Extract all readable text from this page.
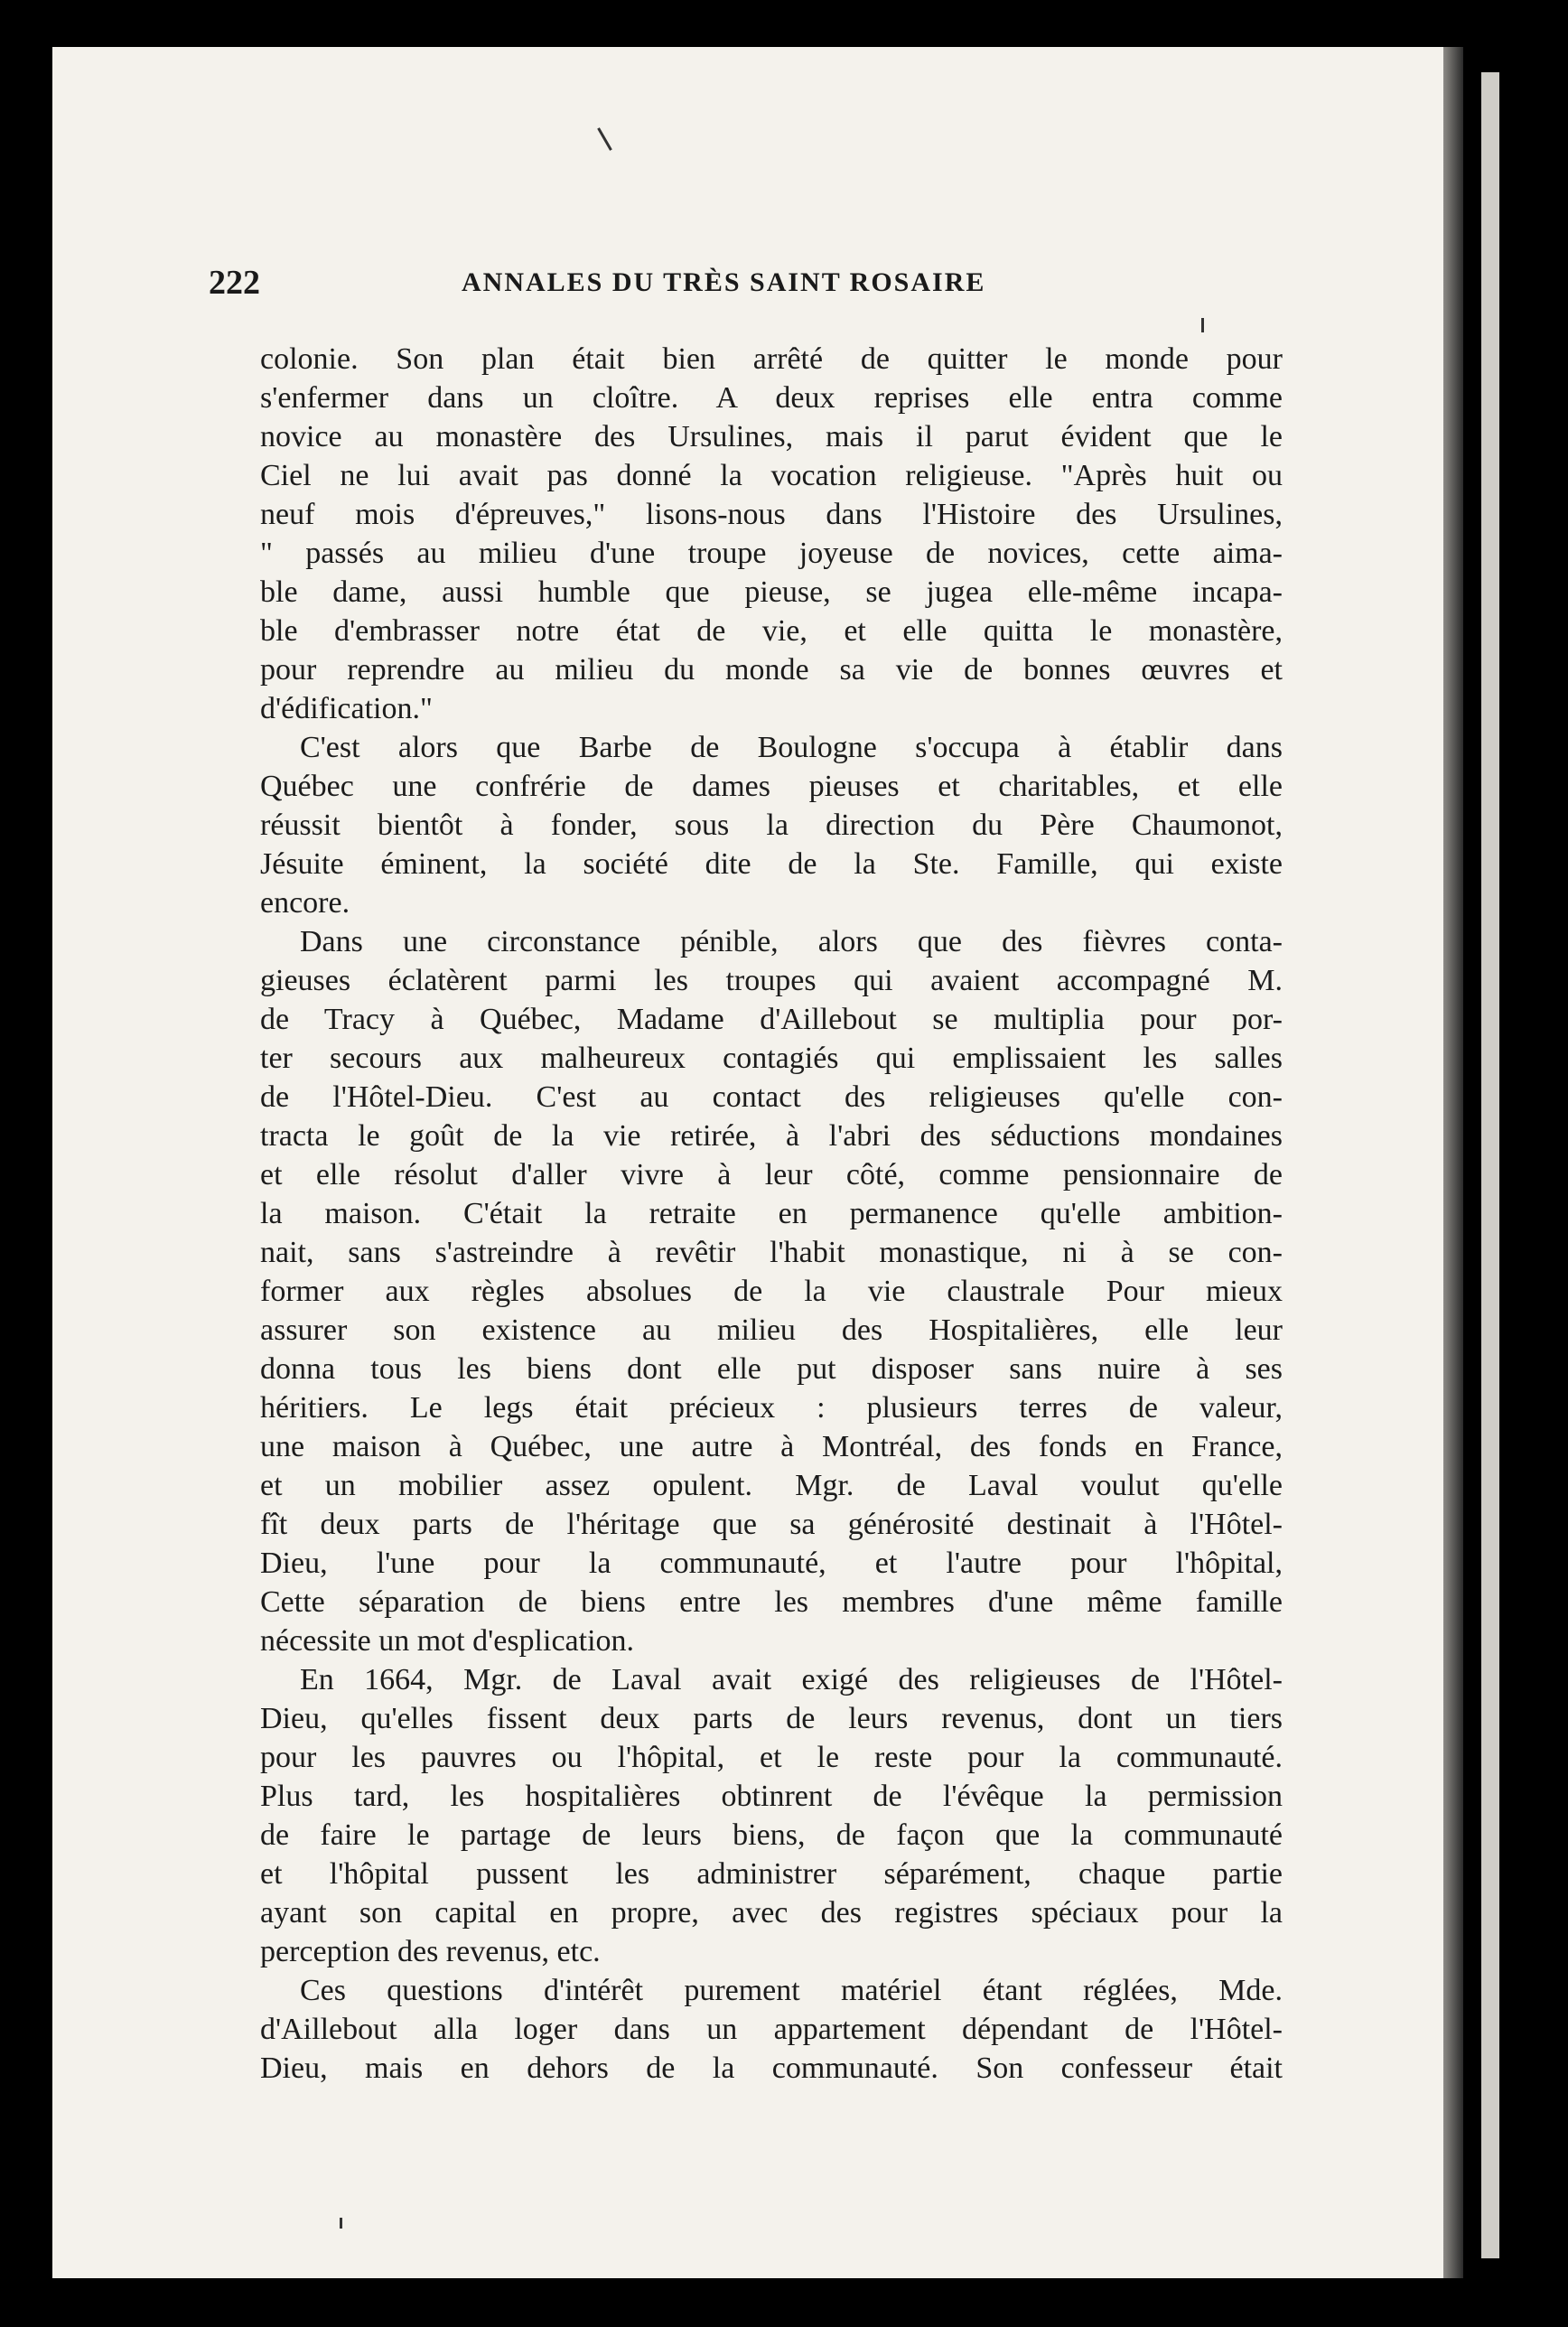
222	ANNALES DU TRÈS SAINT ROSAIRE
colonie. Son plan était bien arrêté de quitter le monde pour
s'enfermer dans un cloître. A deux reprises elle entra comme
novice au monastère des Ursulines, mais il parut évident que le
Ciel ne lui avait pas donné la vocation religieuse. "Après huit ou
neuf mois d'épreuves," lisons-nous dans l'Histoire des Ursulines,
" passés au milieu d'une troupe joyeuse de novices, cette aima-
ble dame, aussi humble que pieuse, se jugea elle-même incapa-
ble d'embrasser notre état de vie, et elle quitta le monastère,
pour reprendre au milieu du monde sa vie de bonnes œuvres et
d'édification."
C'est alors que Barbe de Boulogne s'occupa à établir dans
Québec une confrérie de dames pieuses et charitables, et elle
réussit bientôt à fonder, sous la direction du Père Chaumonot,
Jésuite éminent, la société dite de la Ste. Famille, qui existe
encore.
Dans une circonstance pénible, alors que des fièvres conta-
gieuses éclatèrent parmi les troupes qui avaient accompagné M.
de Tracy à Québec, Madame d'Aillebout se multiplia pour por-
ter secours aux malheureux contagiés qui emplissaient les salles
de l'Hôtel-Dieu. C'est au contact des religieuses qu'elle con-
tracta le goût de la vie retirée, à l'abri des séductions mondaines
et elle résolut d'aller vivre à leur côté, comme pensionnaire de
la maison. C'était la retraite en permanence qu'elle ambition-
nait, sans s'astreindre à revêtir l'habit monastique, ni à se con-
former aux règles absolues de la vie claustrale Pour mieux
assurer son existence au milieu des Hospitalières, elle leur
donna tous les biens dont elle put disposer sans nuire à ses
héritiers. Le legs était précieux : plusieurs terres de valeur,
une maison à Québec, une autre à Montréal, des fonds en France,
et un mobilier assez opulent. Mgr. de Laval voulut qu'elle
fît deux parts de l'héritage que sa générosité destinait à l'Hôtel-
Dieu, l'une pour la communauté, et l'autre pour l'hôpital,
Cette séparation de biens entre les membres d'une même famille
nécessite un mot d'esplication.
En 1664, Mgr. de Laval avait exigé des religieuses de l'Hôtel-
Dieu, qu'elles fissent deux parts de leurs revenus, dont un tiers
pour les pauvres ou l'hôpital, et le reste pour la communauté.
Plus tard, les hospitalières obtinrent de l'évêque la permission
de faire le partage de leurs biens, de façon que la communauté
et l'hôpital pussent les administrer séparément, chaque partie
ayant son capital en propre, avec des registres spéciaux pour la
perception des revenus, etc.
Ces questions d'intérêt purement matériel étant réglées, Mde.
d'Aillebout alla loger dans un appartement dépendant de l'Hôtel-
Dieu, mais en dehors de la communauté. Son confesseur était
